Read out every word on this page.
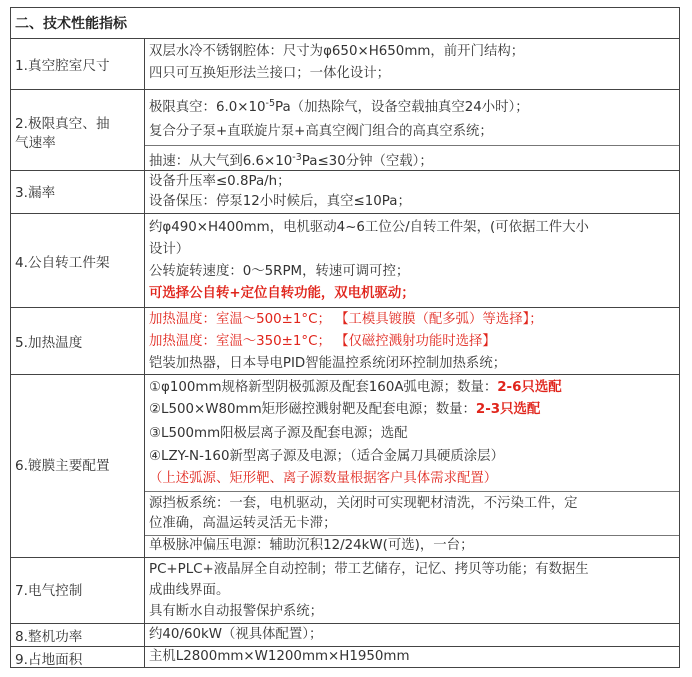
二、技术性能指标
1.真空腔室尺寸
2.极限真空、抽
气速率
3.漏率
4.公自转工件架
5.加热温度
6.镀膜主要配置
7.电气控制
8.整机功率
9.占地面积
双层水冷不锈钢腔体：尺寸为φ650×H650mm，前开门结构；
四只可互换矩形法兰接口；一体化设计；
极限真空：$6.0\times 10^{-5}Pa$（加热除气，设备空载抽真空24小时）；
复合分子泵+直联旋片泵+高真空阀门组合的高真空系统；
抽速：从大气到$6.6\times 10^{-3}Pa\le 30$分钟（空载）；
设备升压率≤0.8Pa/h；
设备保压：停泵12小时候后，真空≤10Pa；
约φ490×H400mm，电机驱动4~6工位公/自转工件架，(可依据工件大小
设计）
公转旋转速度：0～5RPM，转速可调可控；
可选择公自转+定位自转功能，双电机驱动；
加热温度：室温～500±1°C； 【工模具镀膜（配多弧）等选择】；
加热温度：室温～350±1°C； 【仅磁控溅射功能时选择】
铠装加热器，日本导电PID智能温控系统闭环控制加热系统；
①φ100mm规格新型阴极弧源及配套160A弧电源；数量：2-6只选配
②L500×W80mm矩形磁控溅射靶及配套电源；数量：2-3只选配
③L500mm阳极层离子源及配套电源；选配
④LZY-N-160新型离子源及电源；（适合金属刀具硬质涂层）
（上述弧源、矩形靶、离子源数量根据客户具体需求配置）
源挡板系统：一套，电机驱动，关闭时可实现靶材清洗，不污染工件，定
位准确，高温运转灵活无卡滞；
单极脉冲偏压电源：辅助沉积12/24kW(可选)，一台；
PC+PLC+液晶屏全自动控制；带工艺储存，记忆、拷贝等功能；有数据生
成曲线界面。
具有断水自动报警保护系统；
约40/60kW（视具体配置）；
主机L2800mm×W1200mm×H1950mm
